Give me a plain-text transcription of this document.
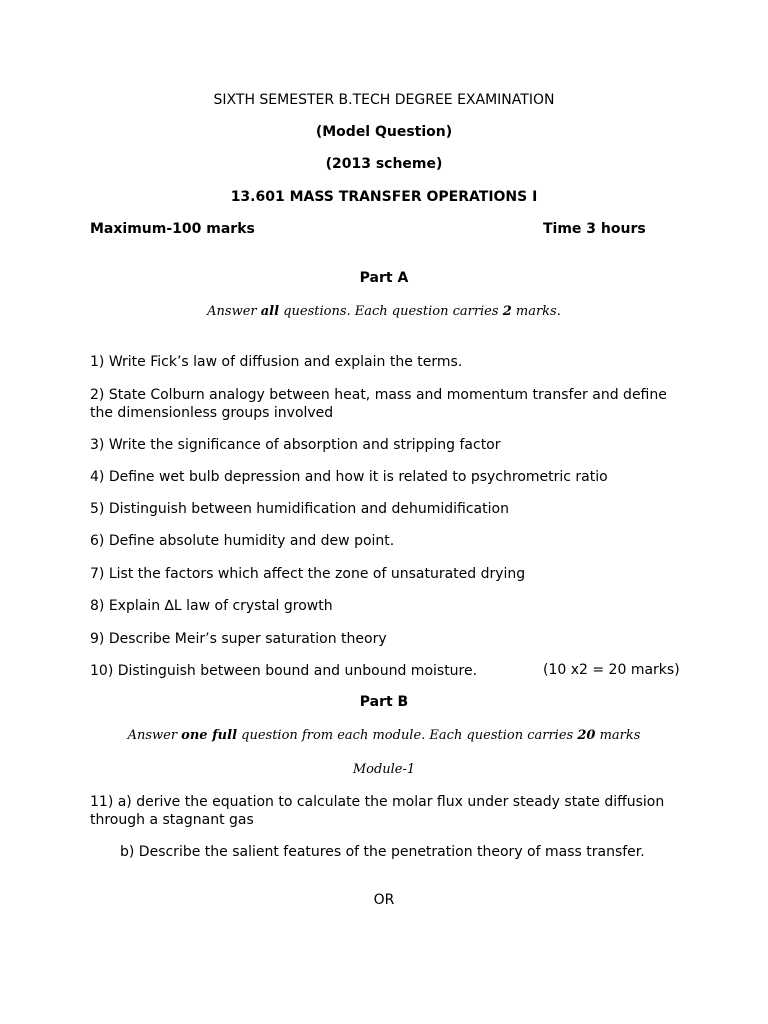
SIXTH SEMESTER B.TECH DEGREE EXAMINATION
(Model Question)
(2013 scheme)
13.601 MASS TRANSFER OPERATIONS I
Maximum-100 marks	Time 3 hours
Part A
Answer all questions. Each question carries 2 marks.
1) Write Fick’s law of diffusion and explain the terms.
2) State Colburn analogy between heat, mass and momentum transfer and define the dimensionless groups involved
3) Write the significance of absorption and stripping factor
4) Define wet bulb depression and how it is related to psychrometric ratio
5) Distinguish between humidification and dehumidification
6) Define absolute humidity and dew point.
7) List the factors which affect the zone of unsaturated drying
8) Explain ∆L law of crystal growth
9) Describe Meir’s super saturation theory
10) Distinguish between bound and unbound moisture.	(10 x2 = 20 marks)
Part B
Answer one full question from each module. Each question carries 20 marks
Module-1
11) a) derive the equation to calculate the molar flux under steady state diffusion through a stagnant gas
b) Describe the salient features of the penetration theory of mass transfer.
OR
